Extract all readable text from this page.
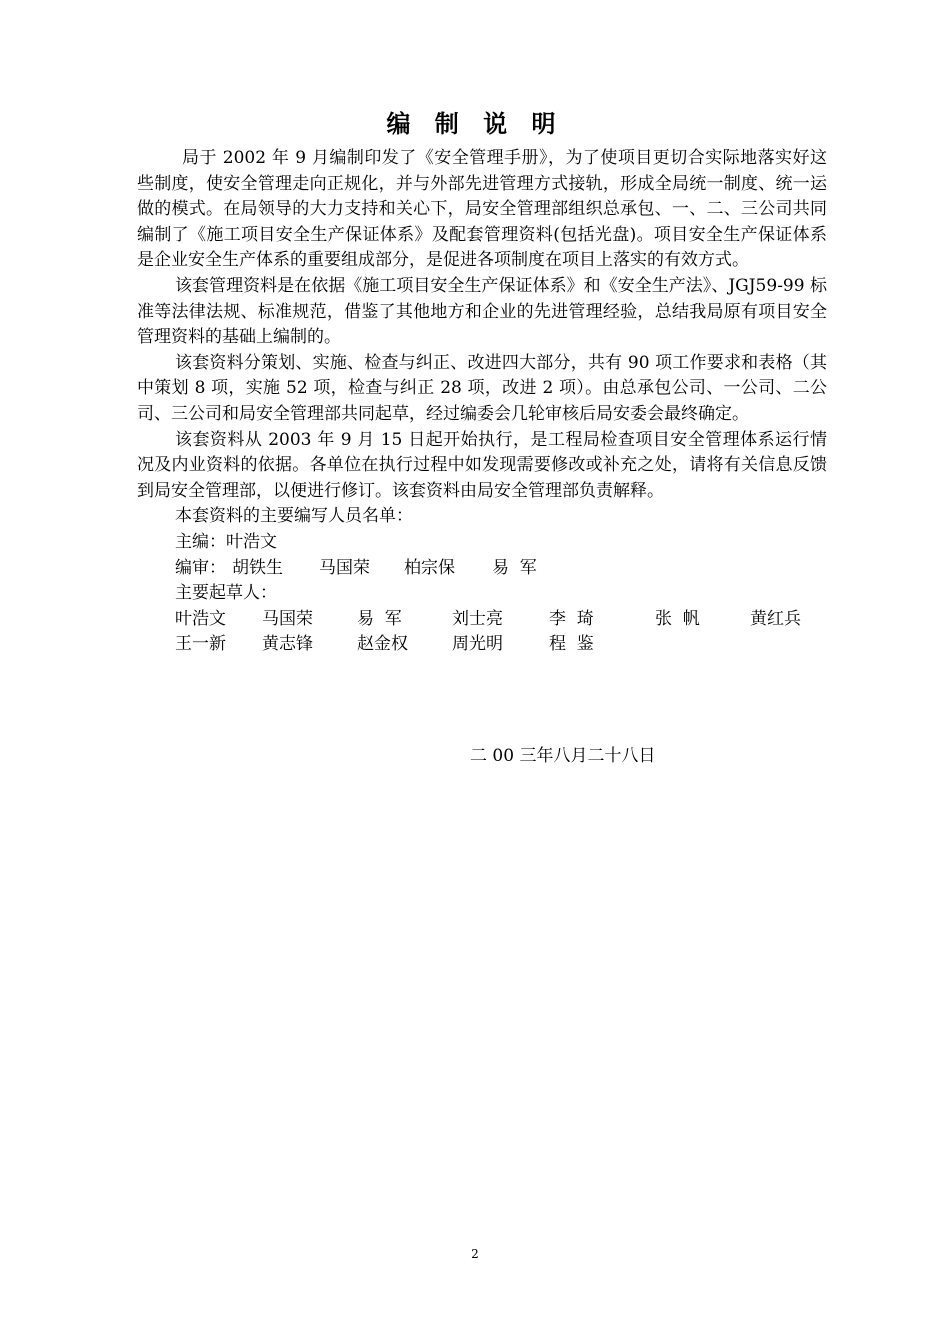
编 制 说 明

局于 2002 年 9 月编制印发了《安全管理手册》，为了使项目更切合实际地落实好这些制度，使安全管理走向正规化，并与外部先进管理方式接轨，形成全局统一制度、统一运做的模式。在局领导的大力支持和关心下，局安全管理部组织总承包、一、二、三公司共同编制了《施工项目安全生产保证体系》及配套管理资料(包括光盘)。项目安全生产保证体系是企业安全生产体系的重要组成部分，是促进各项制度在项目上落实的有效方式。

该套管理资料是在依据《施工项目安全生产保证体系》和《安全生产法》、JGJ59-99 标准等法律法规、标准规范，借鉴了其他地方和企业的先进管理经验，总结我局原有项目安全管理资料的基础上编制的。

该套资料分策划、实施、检查与纠正、改进四大部分，共有 90 项工作要求和表格（其中策划 8 项，实施 52 项，检查与纠正 28 项，改进 2 项）。由总承包公司、一公司、二公司、三公司和局安全管理部共同起草，经过编委会几轮审核后局安委会最终确定。

该套资料从 2003 年 9 月 15 日起开始执行，是工程局检查项目安全管理体系运行情况及内业资料的依据。各单位在执行过程中如发现需要修改或补充之处，请将有关信息反馈到局安全管理部，以便进行修订。该套资料由局安全管理部负责解释。

本套资料的主要编写人员名单：

主编：叶浩文

编审： 胡铁生	马国荣	柏宗保	易  军

主要起草人：

叶浩文	马国荣	易  军	刘士亮	李  琦	张  帆	黄红兵
王一新	黄志锋	赵金权	周光明	程  鉴
二 00 三年八月二十八日
2
